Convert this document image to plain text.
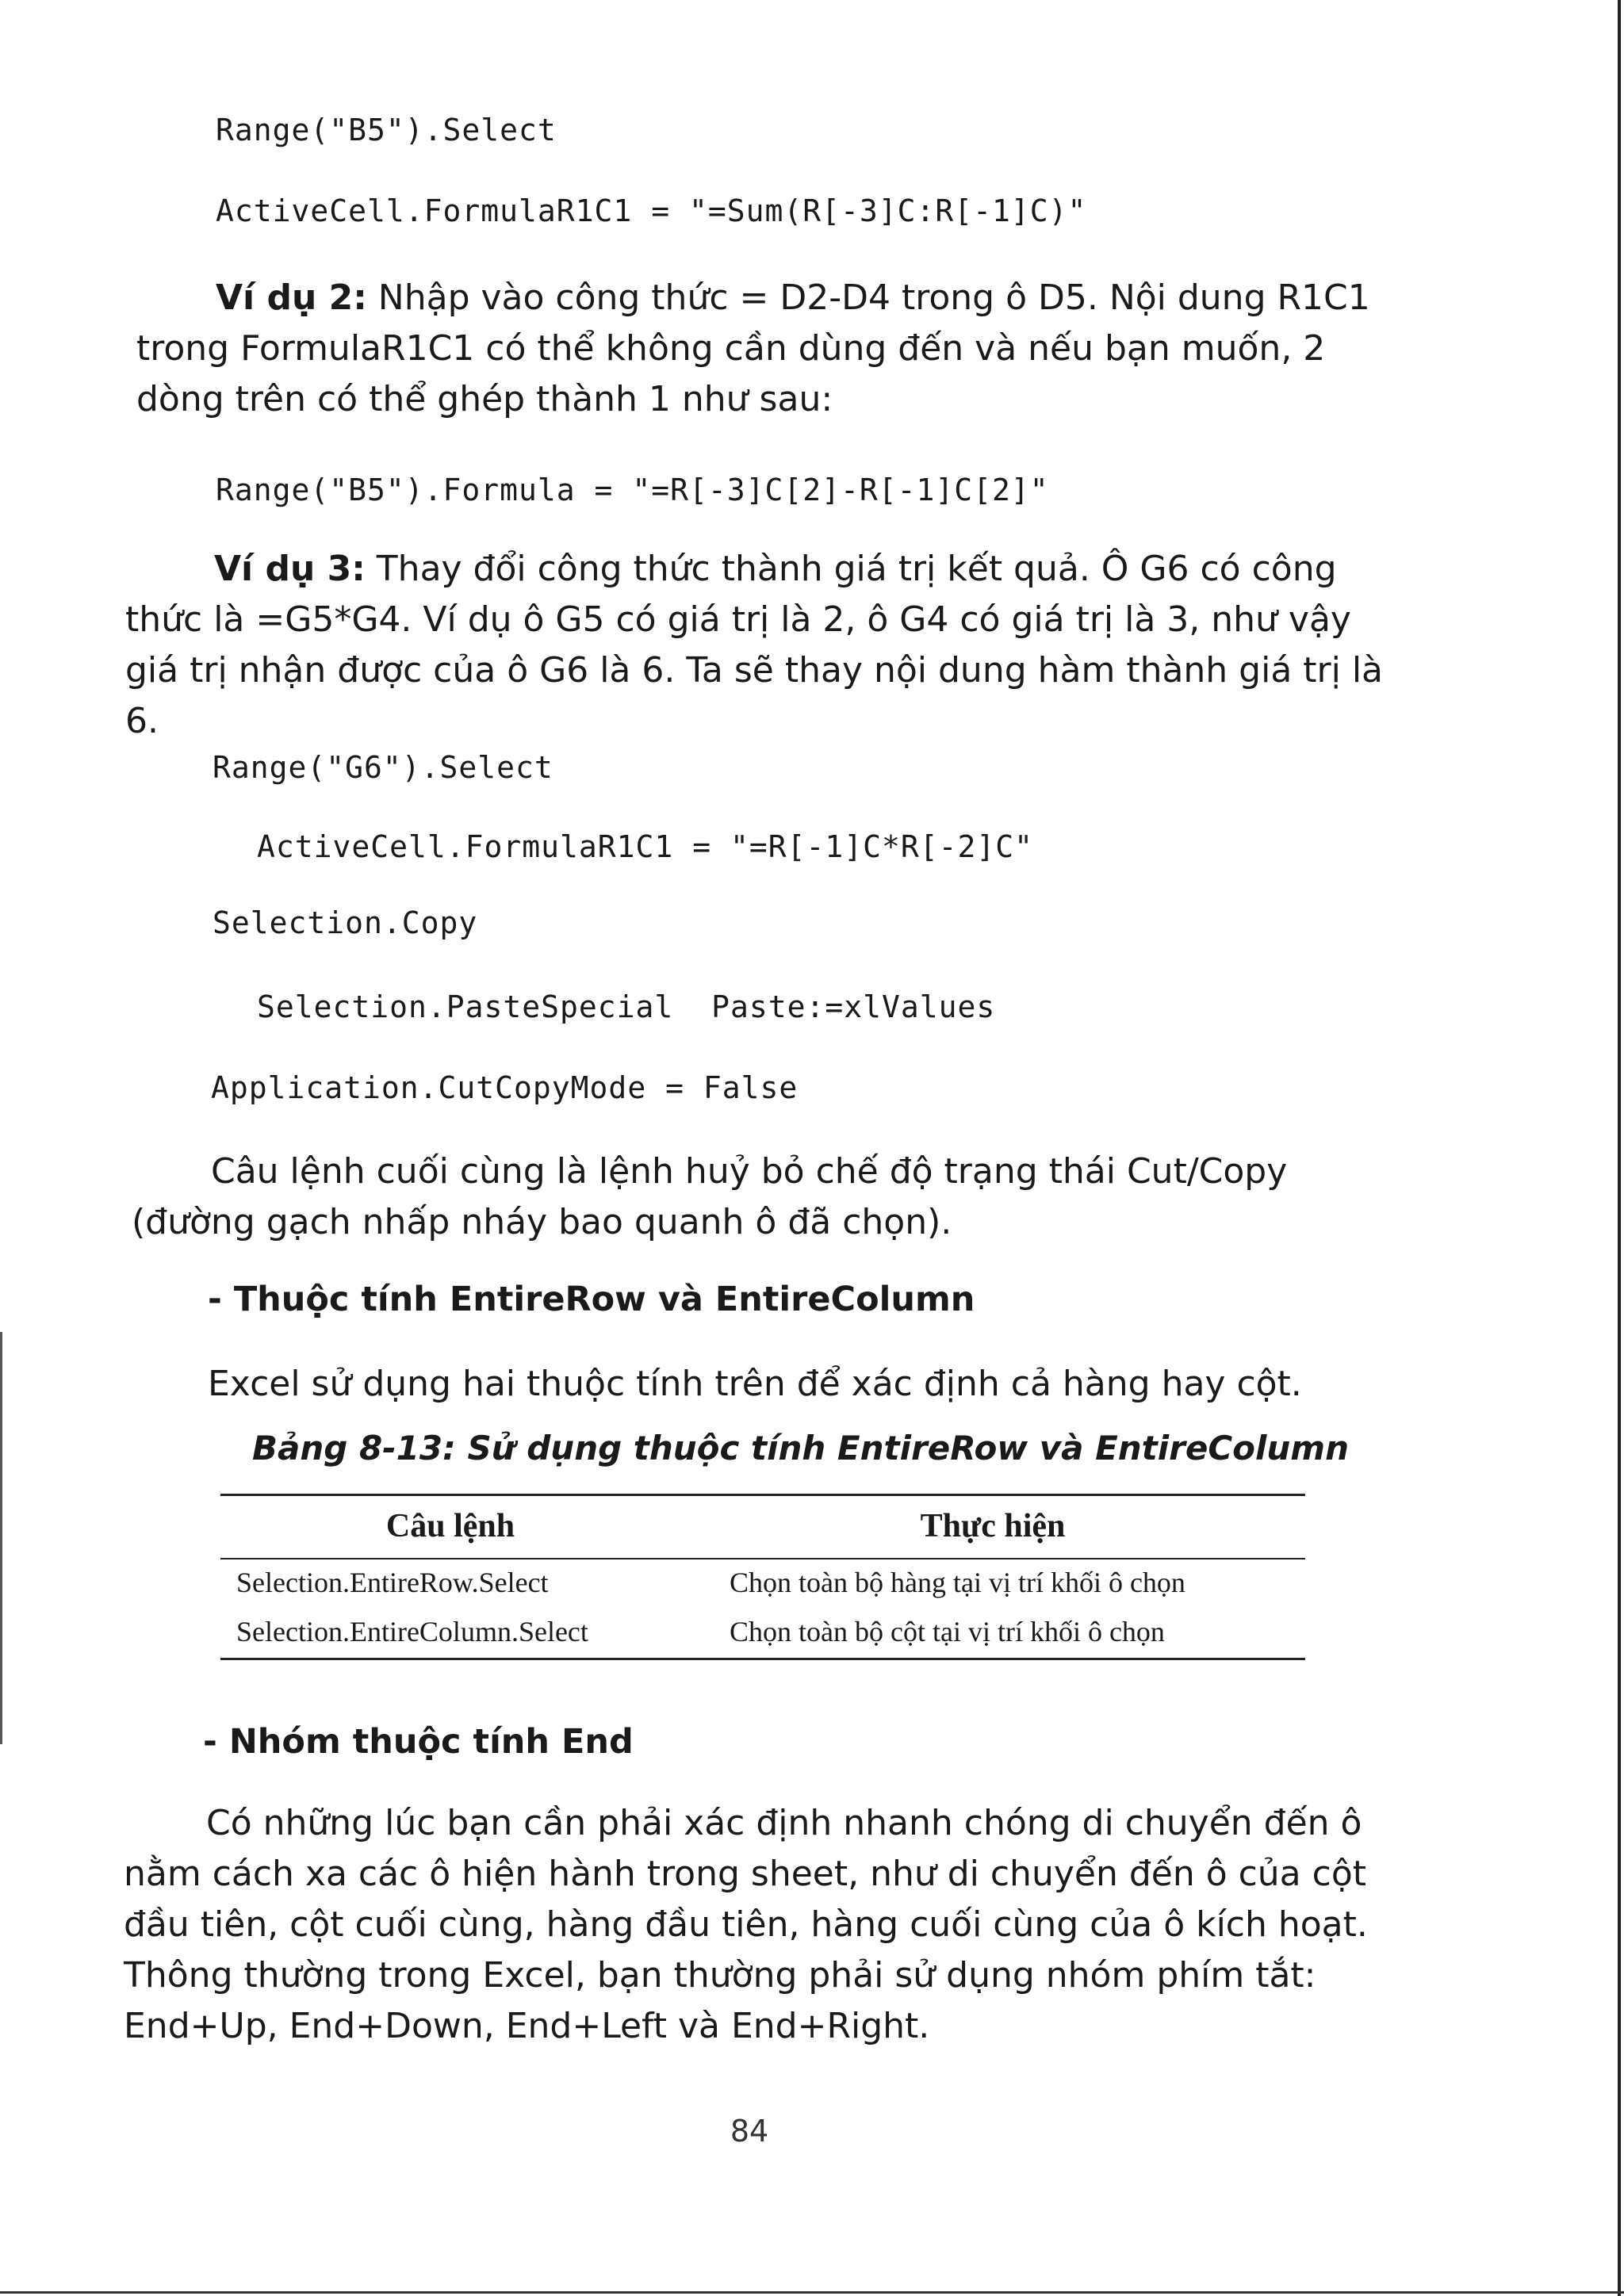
Range("B5").Select
ActiveCell.FormulaR1C1 = "=Sum(R[-3]C:R[-1]C)"
Ví dụ 2: Nhập vào công thức = D2-D4 trong ô D5. Nội dung R1C1 trong FormulaR1C1 có thể không cần dùng đến và nếu bạn muốn, 2 dòng trên có thể ghép thành 1 như sau:
Range("B5").Formula = "=R[-3]C[2]-R[-1]C[2]"
Ví dụ 3: Thay đổi công thức thành giá trị kết quả. Ô G6 có công thức là =G5*G4. Ví dụ ô G5 có giá trị là 2, ô G4 có giá trị là 3, như vậy giá trị nhận được của ô G6 là 6. Ta sẽ thay nội dung hàm thành giá trị là 6.
Range("G6").Select
ActiveCell.FormulaR1C1 = "=R[-1]C*R[-2]C"
Selection.Copy
Selection.PasteSpecial  Paste:=xlValues
Application.CutCopyMode = False
Câu lệnh cuối cùng là lệnh huỷ bỏ chế độ trạng thái Cut/Copy (đường gạch nhấp nháy bao quanh ô đã chọn).
- Thuộc tính EntireRow và EntireColumn
Excel sử dụng hai thuộc tính trên để xác định cả hàng hay cột.
Bảng 8-13: Sử dụng thuộc tính EntireRow và EntireColumn
Câu lệnh	Thực hiện
Selection.EntireRow.Select	Chọn toàn bộ hàng tại vị trí khối ô chọn
Selection.EntireColumn.Select	Chọn toàn bộ cột tại vị trí khối ô chọn
- Nhóm thuộc tính End
Có những lúc bạn cần phải xác định nhanh chóng di chuyển đến ô nằm cách xa các ô hiện hành trong sheet, như di chuyển đến ô của cột đầu tiên, cột cuối cùng, hàng đầu tiên, hàng cuối cùng của ô kích hoạt. Thông thường trong Excel, bạn thường phải sử dụng nhóm phím tắt: End+Up, End+Down, End+Left và End+Right.
84
